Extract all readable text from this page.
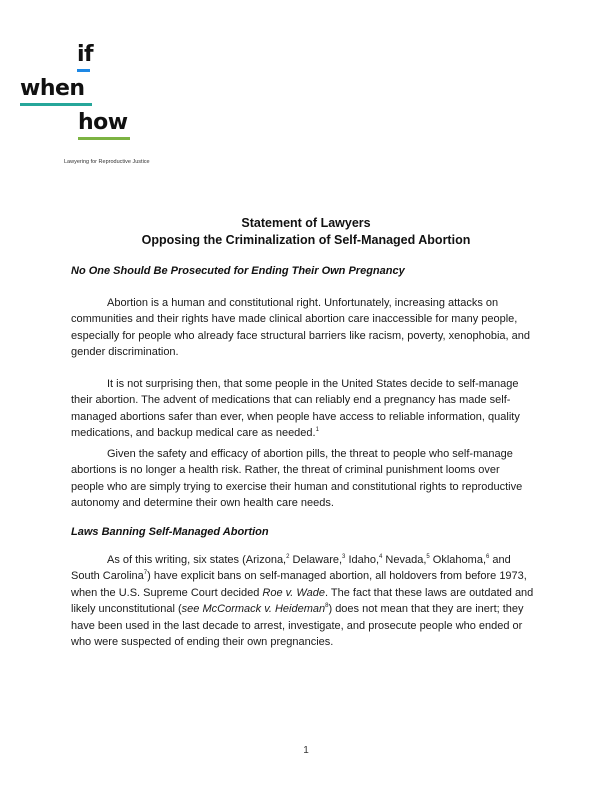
if
when
how
Lawyering for Reproductive Justice
Statement of Lawyers
Opposing the Criminalization of Self-Managed Abortion
No One Should Be Prosecuted for Ending Their Own Pregnancy
Abortion is a human and constitutional right. Unfortunately, increasing attacks on
communities and their rights have made clinical abortion care inaccessible for many people,
especially for people who already face structural barriers like racism, poverty, xenophobia, and
gender discrimination.
It is not surprising then, that some people in the United States decide to self-manage
their abortion. The advent of medications that can reliably end a pregnancy has made self-
managed abortions safer than ever, when people have access to reliable information, quality
medications, and backup medical care as needed.$^1$
Given the safety and efficacy of abortion pills, the threat to people who self-manage
abortions is no longer a health risk. Rather, the threat of criminal punishment looms over
people who are simply trying to exercise their human and constitutional rights to reproductive
autonomy and determine their own health care needs.
Laws Banning Self-Managed Abortion
As of this writing, six states (Arizona,$^2$ Delaware,$^3$ Idaho,$^4$ Nevada,$^5$ Oklahoma,$^6$ and
South Carolina$^7$) have explicit bans on self-managed abortion, all holdovers from before 1973,
when the U.S. Supreme Court decided Roe v. Wade. The fact that these laws are outdated and
likely unconstitutional (see McCormack v. Heideman$^8$) does not mean that they are inert; they
have been used in the last decade to arrest, investigate, and prosecute people who ended or
who were suspected of ending their own pregnancies.
1
